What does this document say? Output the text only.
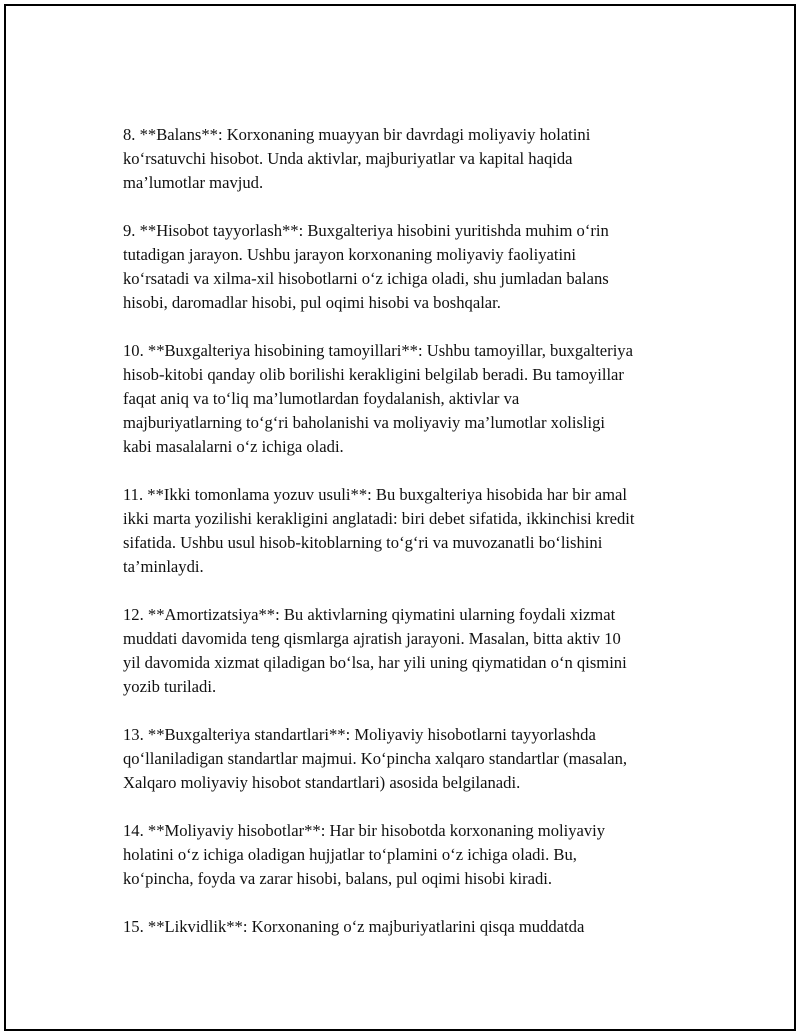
8. **Balans**: Korxonaning muayyan bir davrdagi moliyaviy holatini
ko‘rsatuvchi hisobot. Unda aktivlar, majburiyatlar va kapital haqida
ma’lumotlar mavjud.

9. **Hisobot tayyorlash**: Buxgalteriya hisobini yuritishda muhim o‘rin
tutadigan jarayon. Ushbu jarayon korxonaning moliyaviy faoliyatini
ko‘rsatadi va xilma-xil hisobotlarni o‘z ichiga oladi, shu jumladan balans
hisobi, daromadlar hisobi, pul oqimi hisobi va boshqalar.

10. **Buxgalteriya hisobining tamoyillari**: Ushbu tamoyillar, buxgalteriya
hisob-kitobi qanday olib borilishi kerakligini belgilab beradi. Bu tamoyillar
faqat aniq va to‘liq ma’lumotlardan foydalanish, aktivlar va
majburiyatlarning to‘g‘ri baholanishi va moliyaviy ma’lumotlar xolisligi
kabi masalalarni o‘z ichiga oladi.

11. **Ikki tomonlama yozuv usuli**: Bu buxgalteriya hisobida har bir amal
ikki marta yozilishi kerakligini anglatadi: biri debet sifatida, ikkinchisi kredit
sifatida. Ushbu usul hisob-kitoblarning to‘g‘ri va muvozanatli bo‘lishini
ta’minlaydi.

12. **Amortizatsiya**: Bu aktivlarning qiymatini ularning foydali xizmat
muddati davomida teng qismlarga ajratish jarayoni. Masalan, bitta aktiv 10
yil davomida xizmat qiladigan bo‘lsa, har yili uning qiymatidan o‘n qismini
yozib turiladi.

13. **Buxgalteriya standartlari**: Moliyaviy hisobotlarni tayyorlashda
qo‘llaniladigan standartlar majmui. Ko‘pincha xalqaro standartlar (masalan,
Xalqaro moliyaviy hisobot standartlari) asosida belgilanadi.

14. **Moliyaviy hisobotlar**: Har bir hisobotda korxonaning moliyaviy
holatini o‘z ichiga oladigan hujjatlar to‘plamini o‘z ichiga oladi. Bu,
ko‘pincha, foyda va zarar hisobi, balans, pul oqimi hisobi kiradi.

15. **Likvidlik**: Korxonaning o‘z majburiyatlarini qisqa muddatda
